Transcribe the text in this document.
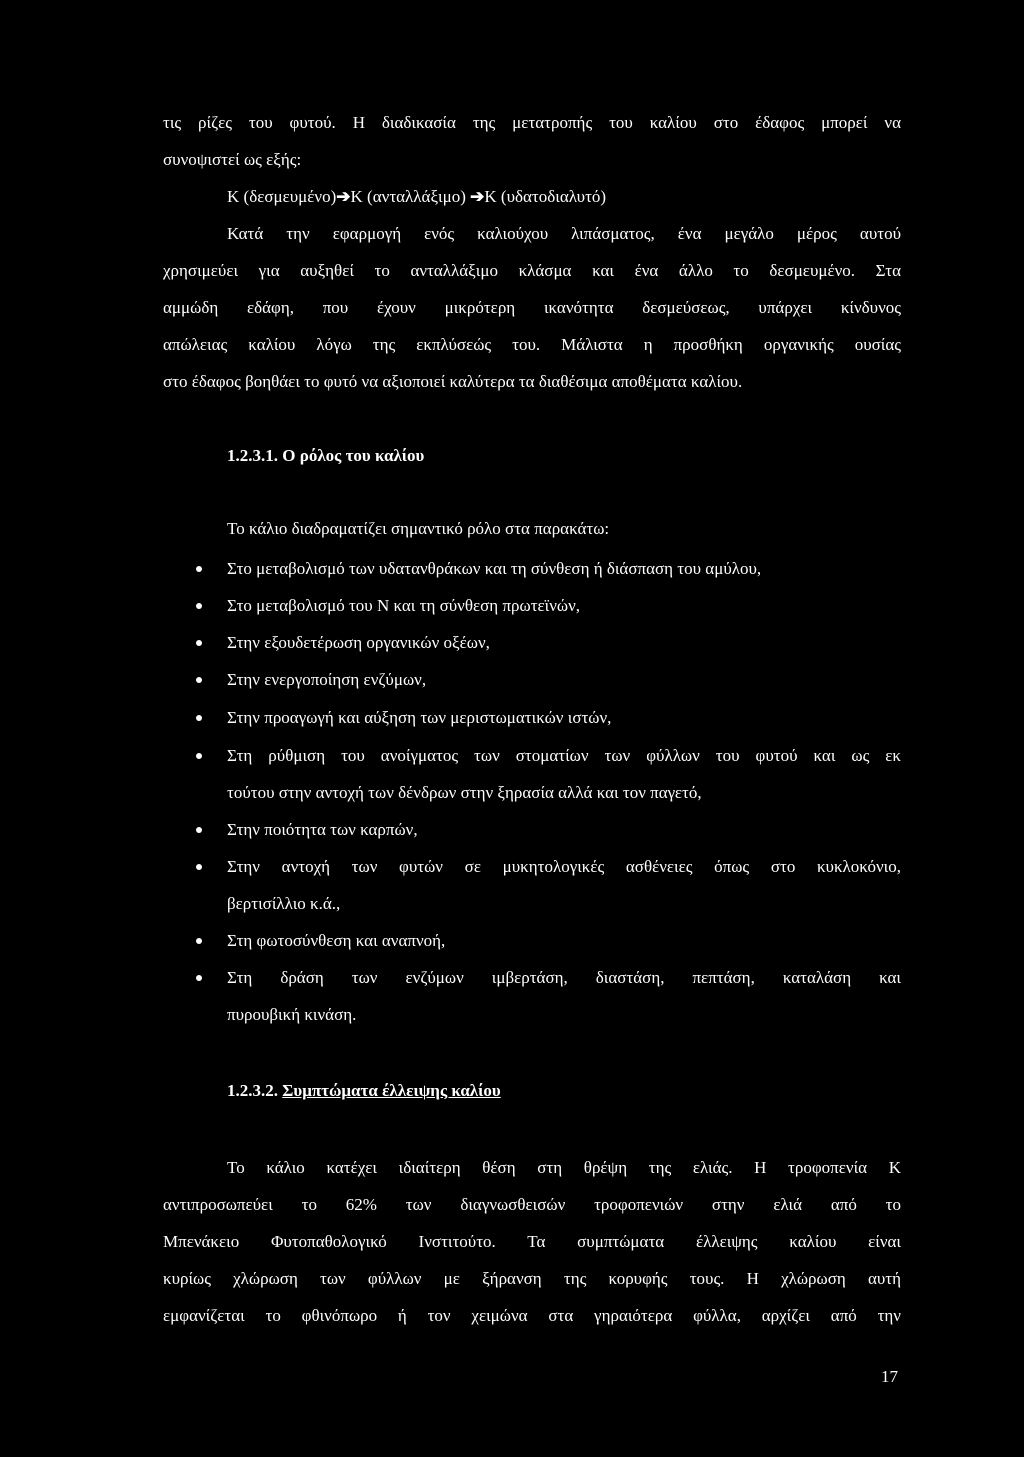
τις ρίζες του φυτού. Η διαδικασία της μετατροπής του καλίου στο έδαφος μπορεί να
συνοψιστεί ως εξής:
K (δεσμευμένο)➔K (ανταλλάξιμο) ➔K (υδατοδιαλυτό)
Κατά την εφαρμογή ενός καλιούχου λιπάσματος, ένα μεγάλο μέρος αυτού
χρησιμεύει για αυξηθεί το ανταλλάξιμο κλάσμα και ένα άλλο το δεσμευμένο. Στα
αμμώδη εδάφη, που έχουν μικρότερη ικανότητα δεσμεύσεως, υπάρχει κίνδυνος
απώλειας καλίου λόγω της εκπλύσεώς του. Μάλιστα η προσθήκη οργανικής ουσίας
στο έδαφος βοηθάει το φυτό να αξιοποιεί καλύτερα τα διαθέσιμα αποθέματα καλίου.
1.2.3.1. Ο ρόλος του καλίου
Το κάλιο διαδραματίζει σημαντικό ρόλο στα παρακάτω:
Στο μεταβολισμό των υδατανθράκων και τη σύνθεση ή διάσπαση του αμύλου,
Στο μεταβολισμό του N και τη σύνθεση πρωτεϊνών,
Στην εξουδετέρωση οργανικών οξέων,
Στην ενεργοποίηση ενζύμων,
Στην προαγωγή και αύξηση των μεριστωματικών ιστών,
Στη ρύθμιση του ανοίγματος των στοματίων των φύλλων του φυτού και ως εκ
τούτου στην αντοχή των δένδρων στην ξηρασία αλλά και τον παγετό,
Στην ποιότητα των καρπών,
Στην αντοχή των φυτών σε μυκητολογικές ασθένειες όπως στο κυκλοκόνιο,
βερτισίλλιο κ.ά.,
Στη φωτοσύνθεση και αναπνοή,
Στη δράση των ενζύμων ιμβερτάση, διαστάση, πεπτάση, καταλάση και
πυρουβική κινάση.
1.2.3.2. Συμπτώματα έλλειψης καλίου
Το κάλιο κατέχει ιδιαίτερη θέση στη θρέψη της ελιάς. Η τροφοπενία Κ
αντιπροσωπεύει το 62% των διαγνωσθεισών τροφοπενιών στην ελιά από το
Μπενάκειο Φυτοπαθολογικό Ινστιτούτο. Τα συμπτώματα έλλειψης καλίου είναι
κυρίως χλώρωση των φύλλων με ξήρανση της κορυφής τους. Η χλώρωση αυτή
εμφανίζεται το φθινόπωρο ή τον χειμώνα στα γηραιότερα φύλλα, αρχίζει από την
17
